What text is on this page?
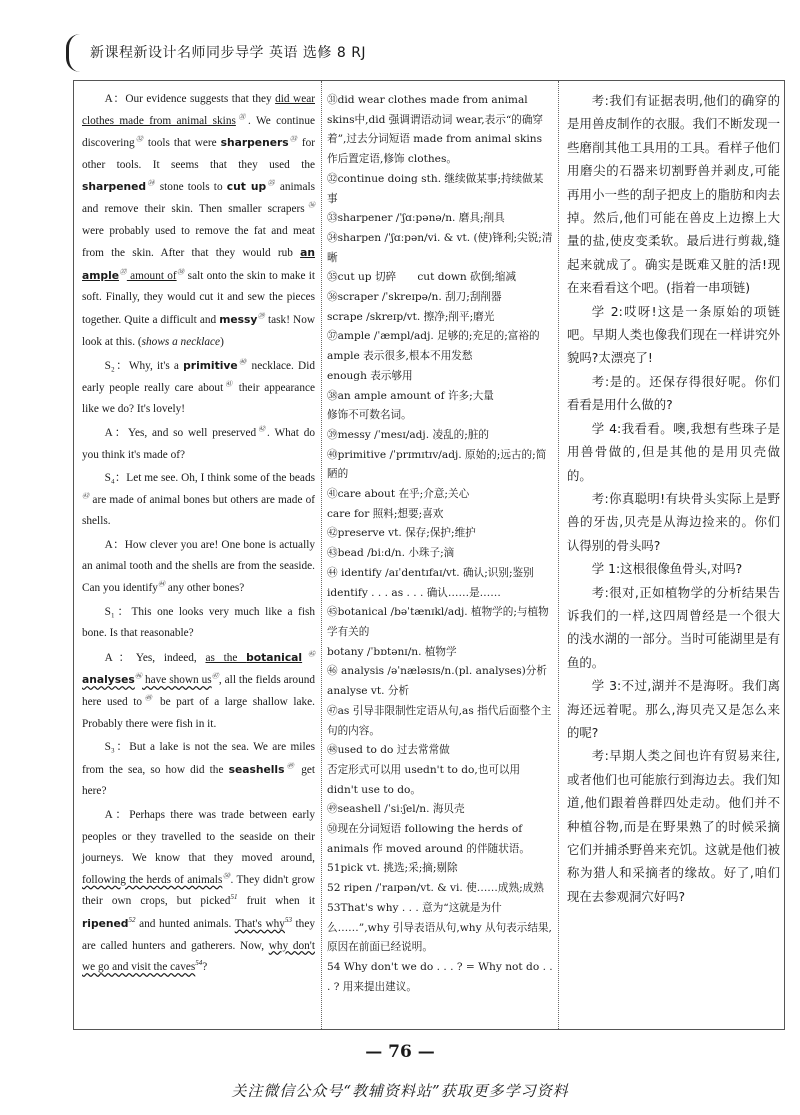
新课程新设计名师同步导学 英语 选修 8 RJ

A：Our evidence suggests that they did wear clothes made from animal skins$^㉛$. We continue discovering$^㉜$ tools that were sharpeners$^㉝$ for other tools. It seems that they used the sharpened$^㉞$ stone tools to cut $up^㉟$ animals and remove their skin. Then smaller scrapers$^㊱$ were probably used to remove the fat and meat from the skin. After that they would rub an ample$^㊲$ amount $of^㊳$ salt onto the skin to make it soft. Finally, they would cut it and sew the pieces together. Quite a difficult and messy$^㊴$ task! Now look at this. (shows a necklace)

S₂：Why, it's a primitive$^㊵$ necklace. Did early people really care about$^㊶$ their appearance like we do? It's lovely!

A：Yes, and so well preserved$^㊷$. What do you think it's made of?

S₄：Let me see. Oh, I think some of the beads$^㊸$ are made of animal bones but others are made of shells.

A：How clever you are! One bone is actually an animal tooth and the shells are from the seaside. Can you identify$^㊹$ any other bones?

S₁：This one looks very much like a fish bone. Is that reasonable?

A：Yes, indeed, as the botanical$^㊺$ analyses$^㊻$ have shown $us^㊼$, all the fields around here used $to^㊽$ be part of a large shallow lake. Probably there were fish in it.

S₃：But a lake is not the sea. We are miles from the sea, so how did the seashells$^㊾$ get here?

A：Perhaps there was trade between early peoples or they travelled to the seaside on their journeys. We know that they moved around, following the herds of animals$^㊿$. They didn't grow their own crops, but picked$^{51}$ fruit when it ripened$^{52}$ and hunted animals. That's why$^{53}$ they are called hunters and gatherers. Now, why don't we go and visit the caves$^{54}$?

㉛did wear clothes made from animal skins中,did 强调谓语动词 wear,表示“的确穿着”,过去分词短语 made from animal skins 作后置定语,修饰 clothes。

㉜continue doing sth. 继续做某事;持续做某事

㉝sharpener /ˈʃɑːpənə/n. 磨具;削具

㉞sharpen /ˈʃɑːpən/vi. & vt. (使)锋利;尖锐;清晰

㉟cut up 切碎　　cut down 砍倒;缩减

㊱scraper /ˈskreɪpə/n. 刮刀;刮削器

scrape /skreɪp/vt. 擦净;削平;磨光

㊲ample /ˈæmpl/adj. 足够的;充足的;富裕的

ample 表示很多,根本不用发愁

enough 表示够用

㊳an ample amount of 许多;大量

修饰不可数名词。

㊴messy /ˈmesɪ/adj. 凌乱的;脏的

㊵primitive /ˈprɪmɪtɪv/adj. 原始的;远古的;简陋的

㊶care about 在乎;介意;关心

care for 照料;想要;喜欢

㊷preserve vt. 保存;保护;维护

㊸bead /biːd/n. 小珠子;滴

㊹ identify /aɪˈdentɪfaɪ/vt. 确认;识别;鉴别

identify . . . as . . . 确认……是……

㊺botanical /bəˈtænɪkl/adj. 植物学的;与植物学有关的

botany /ˈbɒtənɪ/n. 植物学

㊻ analysis /əˈnæləsɪs/n.(pl. analyses)分析

analyse vt. 分析

㊼as 引导非限制性定语从句,as 指代后面整个主句的内容。

㊽used to do 过去常常做

否定形式可以用 usedn't to do,也可以用 didn't use to do。

㊾seashell /ˈsiːʃel/n. 海贝壳

㊿现在分词短语 following the herds of animals 作 moved around 的伴随状语。

51pick vt. 挑选;采;摘;剔除

52 ripen /ˈraɪpən/vt. & vi. 使……成熟;成熟

53That's why . . . 意为“这就是为什么……”,why 引导表语从句,why 从句表示结果,原因在前面已经说明。

54 Why don't we do . . . ? = Why not do . . . ? 用来提出建议。

考:我们有证据表明,他们的确穿的是用兽皮制作的衣服。我们不断发现一些磨削其他工具用的工具。看样子他们用磨尖的石器来切割野兽并剥皮,可能再用小一些的刮子把皮上的脂肪和肉去掉。然后,他们可能在兽皮上边擦上大量的盐,使皮变柔软。最后进行剪裁,缝起来就成了。确实是既难又脏的活!现在来看看这个吧。(指着一串项链)

学 2:哎呀!这是一条原始的项链吧。早期人类也像我们现在一样讲究外貌吗?太漂亮了!

考:是的。还保存得很好呢。你们看看是用什么做的?

学 4:我看看。噢,我想有些珠子是用兽骨做的,但是其他的是用贝壳做的。

考:你真聪明!有块骨头实际上是野兽的牙齿,贝壳是从海边捡来的。你们认得别的骨头吗?

学 1:这根很像鱼骨头,对吗?

考:很对,正如植物学的分析结果告诉我们的一样,这四周曾经是一个很大的浅水湖的一部分。当时可能湖里是有鱼的。

学 3:不过,湖并不是海呀。我们离海还远着呢。那么,海贝壳又是怎么来的呢?

考:早期人类之间也许有贸易来往,或者他们也可能旅行到海边去。我们知道,他们跟着兽群四处走动。他们并不种植谷物,而是在野果熟了的时候采摘它们并捕杀野兽来充饥。这就是他们被称为猎人和采摘者的缘故。好了,咱们现在去参观洞穴好吗?

— 76 —
关注微信公众号“教辅资料站”获取更多学习资料
